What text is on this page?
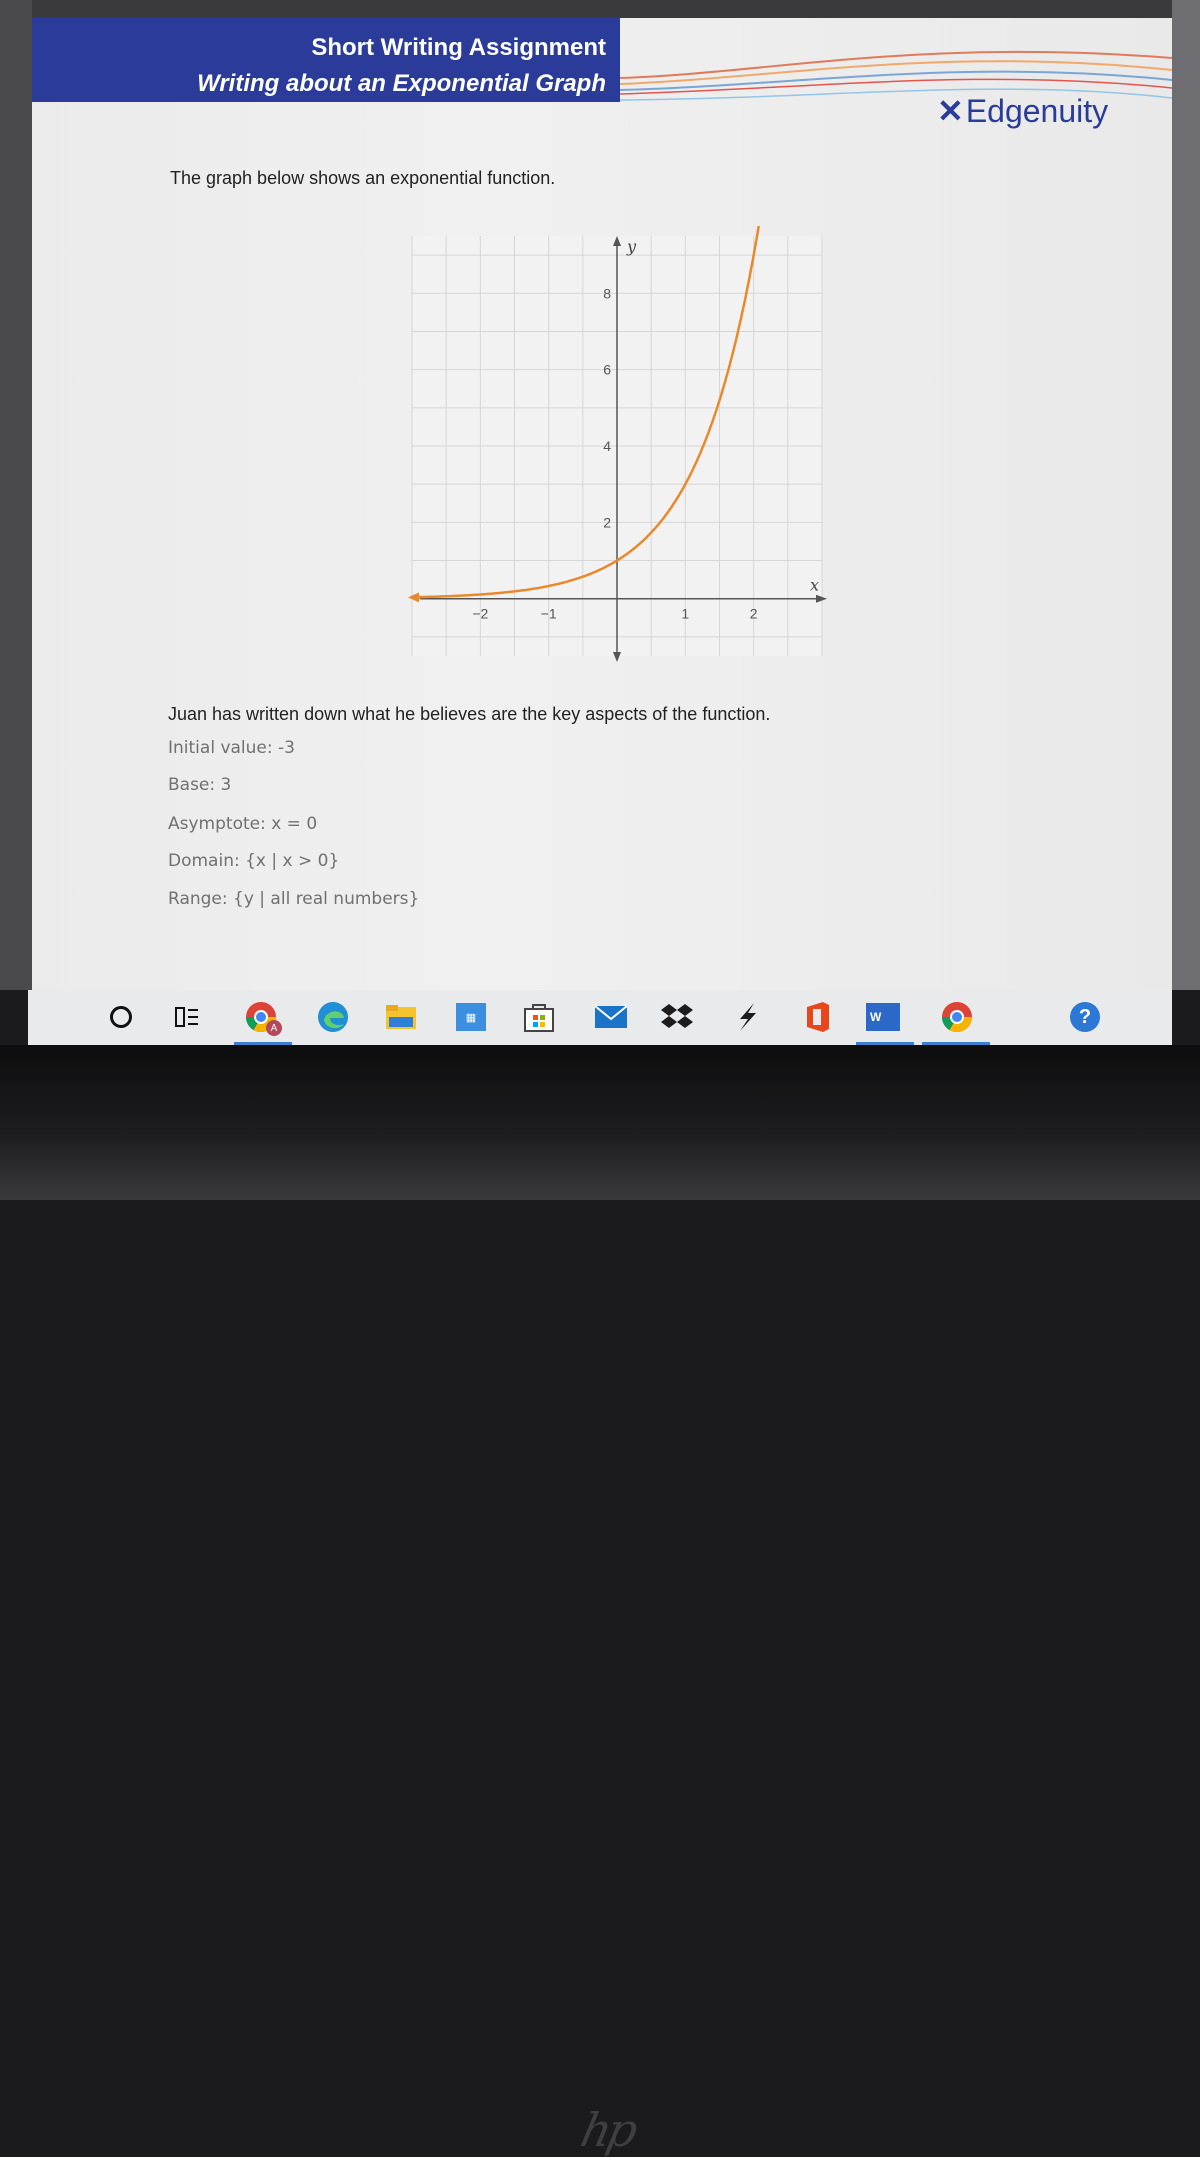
Short Writing Assignment
Writing about an Exponential Graph
✕ Edgenuity
The graph below shows an exponential function.
x
y
−2	−1	1	2
2
4
6
8
Juan has written down what he believes are the key aspects of the function.
Initial value: -3
Base: 3
Asymptote: x = 0
Domain: {x | x > 0}
Range: {y | all real numbers}
A
▦	W	?
hp
